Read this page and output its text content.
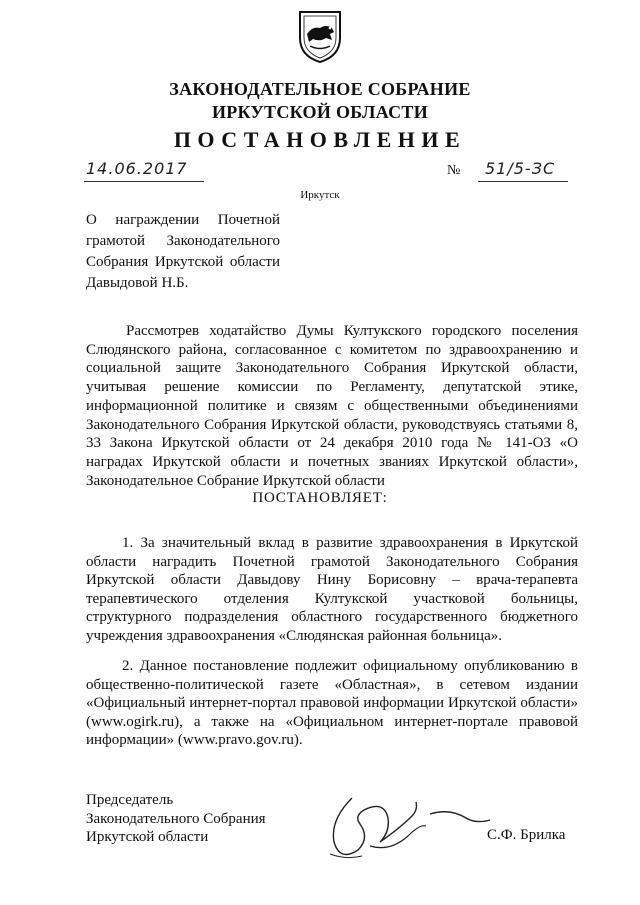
ЗАКОНОДАТЕЛЬНОЕ СОБРАНИЕ
ИРКУТСКОЙ ОБЛАСТИ
ПОСТАНОВЛЕНИЕ
14.06.2017	№ 51/5-ЗС
Иркутск
О награждении Почетной
грамотой Законодательного
Собрания Иркутской области
Давыдовой Н.Б.

Рассмотрев ходатайство Думы Култукского городского поселения Слюдянского района, согласованное с комитетом по здравоохранению и социальной защите Законодательного Собрания Иркутской области, учитывая решение комиссии по Регламенту, депутатской этике, информационной политике и связям с общественными объединениями Законодательного Собрания Иркутской области, руководствуясь статьями 8, 33 Закона Иркутской области от 24 декабря 2010 года № 141-ОЗ «О наградах Иркутской области и почетных званиях Иркутской области», Законодательное Собрание Иркутской области

ПОСТАНОВЛЯЕТ:

1. За значительный вклад в развитие здравоохранения в Иркутской области наградить Почетной грамотой Законодательного Собрания Иркутской области Давыдову Нину Борисовну – врача-терапевта терапевтического отделения Култукской участковой больницы, структурного подразделения областного государственного бюджетного учреждения здравоохранения «Слюдянская районная больница».

2. Данное постановление подлежит официальному опубликованию в общественно-политической газете «Областная», в сетевом издании «Официальный интернет-портал правовой информации Иркутской области» (www.ogirk.ru), а также на «Официальном интернет-портале правовой информации» (www.pravo.gov.ru).

Председатель
Законодательного Собрания
Иркутской области	С.Ф. Брилка
